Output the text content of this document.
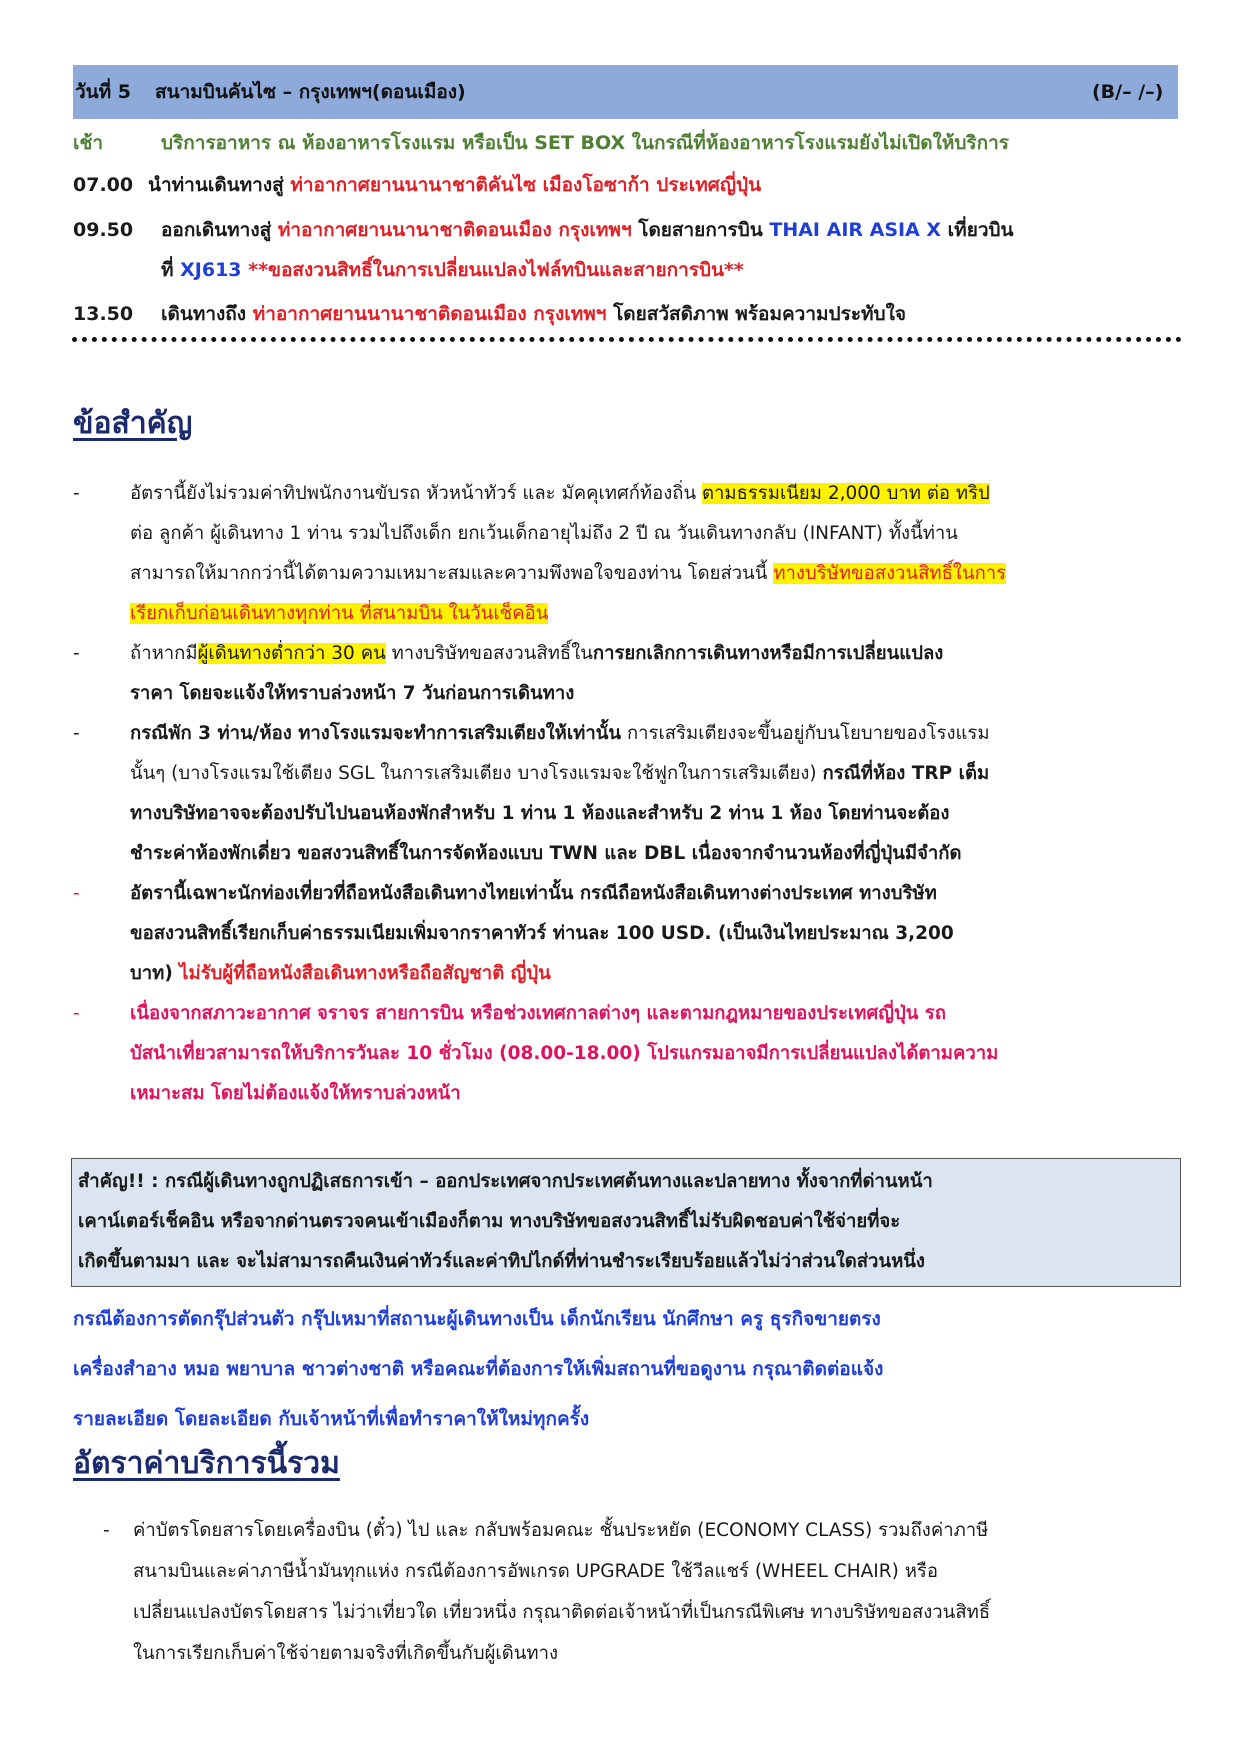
วันที่ 5	สนามบินคันไซ – กรุงเทพฯ(ดอนเมือง)	(B/– /–)
เช้า	บริการอาหาร ณ ห้องอาหารโรงแรม หรือเป็น SET BOX ในกรณีที่ห้องอาหารโรงแรมยังไม่เปิดให้บริการ
07.00 นำท่านเดินทางสู่ ท่าอากาศยานนานาชาติคันไซ เมืองโอซาก้า ประเทศญี่ปุ่น
09.50	ออกเดินทางสู่ ท่าอากาศยานนานาชาติดอนเมือง กรุงเทพฯ โดยสายการบิน THAI AIR ASIA X เที่ยวบิน
ที่ XJ613 **ขอสงวนสิทธิ์ในการเปลี่ยนแปลงไฟล์ทบินและสายการบิน**
13.50	เดินทางถึง ท่าอากาศยานนานาชาติดอนเมือง กรุงเทพฯ โดยสวัสดิภาพ พร้อมความประทับใจ
ข้อสำคัญ
-	อัตรานี้ยังไม่รวมค่าทิปพนักงานขับรถ หัวหน้าทัวร์ และ มัคคุเทศก์ท้องถิ่น ตามธรรมเนียม 2,000 บาท ต่อ ทริป
ต่อ ลูกค้า ผู้เดินทาง 1 ท่าน รวมไปถึงเด็ก ยกเว้นเด็กอายุไม่ถึง 2 ปี ณ วันเดินทางกลับ (INFANT) ทั้งนี้ท่าน
สามารถให้มากกว่านี้ได้ตามความเหมาะสมและความพึงพอใจของท่าน โดยส่วนนี้ ทางบริษัทขอสงวนสิทธิ์ในการ
เรียกเก็บก่อนเดินทางทุกท่าน ที่สนามบิน ในวันเช็คอิน
-	ถ้าหากมีผู้เดินทางต่ำกว่า 30 คน ทางบริษัทขอสงวนสิทธิ์ในการยกเลิกการเดินทางหรือมีการเปลี่ยนแปลง
ราคา โดยจะแจ้งให้ทราบล่วงหน้า 7 วันก่อนการเดินทาง
-	กรณีพัก 3 ท่าน/ห้อง ทางโรงแรมจะทำการเสริมเตียงให้เท่านั้น การเสริมเตียงจะขึ้นอยู่กับนโยบายของโรงแรม
นั้นๆ (บางโรงแรมใช้เตียง SGL ในการเสริมเตียง บางโรงแรมจะใช้ฟูกในการเสริมเตียง) กรณีที่ห้อง TRP เต็ม
ทางบริษัทอาจจะต้องปรับไปนอนห้องพักสำหรับ 1 ท่าน 1 ห้องและสำหรับ 2 ท่าน 1 ห้อง โดยท่านจะต้อง
ชำระค่าห้องพักเดี่ยว ขอสงวนสิทธิ์ในการจัดห้องแบบ TWN และ DBL เนื่องจากจำนวนห้องที่ญี่ปุ่นมีจำกัด
-	อัตรานี้เฉพาะนักท่องเที่ยวที่ถือหนังสือเดินทางไทยเท่านั้น กรณีถือหนังสือเดินทางต่างประเทศ ทางบริษัท
ขอสงวนสิทธิ์เรียกเก็บค่าธรรมเนียมเพิ่มจากราคาทัวร์ ท่านละ 100 USD. (เป็นเงินไทยประมาณ 3,200
บาท) ไม่รับผู้ที่ถือหนังสือเดินทางหรือถือสัญชาติ ญี่ปุ่น
-	เนื่องจากสภาวะอากาศ จราจร สายการบิน หรือช่วงเทศกาลต่างๆ และตามกฎหมายของประเทศญี่ปุ่น รถ
บัสนำเที่ยวสามารถให้บริการวันละ 10 ชั่วโมง (08.00-18.00) โปรแกรมอาจมีการเปลี่ยนแปลงได้ตามความ
เหมาะสม โดยไม่ต้องแจ้งให้ทราบล่วงหน้า
สำคัญ!! : กรณีผู้เดินทางถูกปฏิเสธการเข้า – ออกประเทศจากประเทศต้นทางและปลายทาง ทั้งจากที่ด่านหน้า
เคาน์เตอร์เช็คอิน หรือจากด่านตรวจคนเข้าเมืองก็ตาม ทางบริษัทขอสงวนสิทธิ์ไม่รับผิดชอบค่าใช้จ่ายที่จะ
เกิดขึ้นตามมา และ จะไม่สามารถคืนเงินค่าทัวร์และค่าทิปไกด์ที่ท่านชำระเรียบร้อยแล้วไม่ว่าส่วนใดส่วนหนึ่ง
กรณีต้องการตัดกรุ๊ปส่วนตัว กรุ๊ปเหมาที่สถานะผู้เดินทางเป็น เด็กนักเรียน นักศึกษา ครู ธุรกิจขายตรง
เครื่องสำอาง หมอ พยาบาล ชาวต่างชาติ หรือคณะที่ต้องการให้เพิ่มสถานที่ขอดูงาน กรุณาติดต่อแจ้ง
รายละเอียด โดยละเอียด กับเจ้าหน้าที่เพื่อทำราคาให้ใหม่ทุกครั้ง
อัตราค่าบริการนี้รวม
- ค่าบัตรโดยสารโดยเครื่องบิน (ตั๋ว) ไป และ กลับพร้อมคณะ ชั้นประหยัด (ECONOMY CLASS) รวมถึงค่าภาษี
สนามบินและค่าภาษีน้ำมันทุกแห่ง กรณีต้องการอัพเกรด UPGRADE ใช้วีลแชร์ (WHEEL CHAIR) หรือ
เปลี่ยนแปลงบัตรโดยสาร ไม่ว่าเที่ยวใด เที่ยวหนึ่ง กรุณาติดต่อเจ้าหน้าที่เป็นกรณีพิเศษ ทางบริษัทขอสงวนสิทธิ์
ในการเรียกเก็บค่าใช้จ่ายตามจริงที่เกิดขึ้นกับผู้เดินทาง
